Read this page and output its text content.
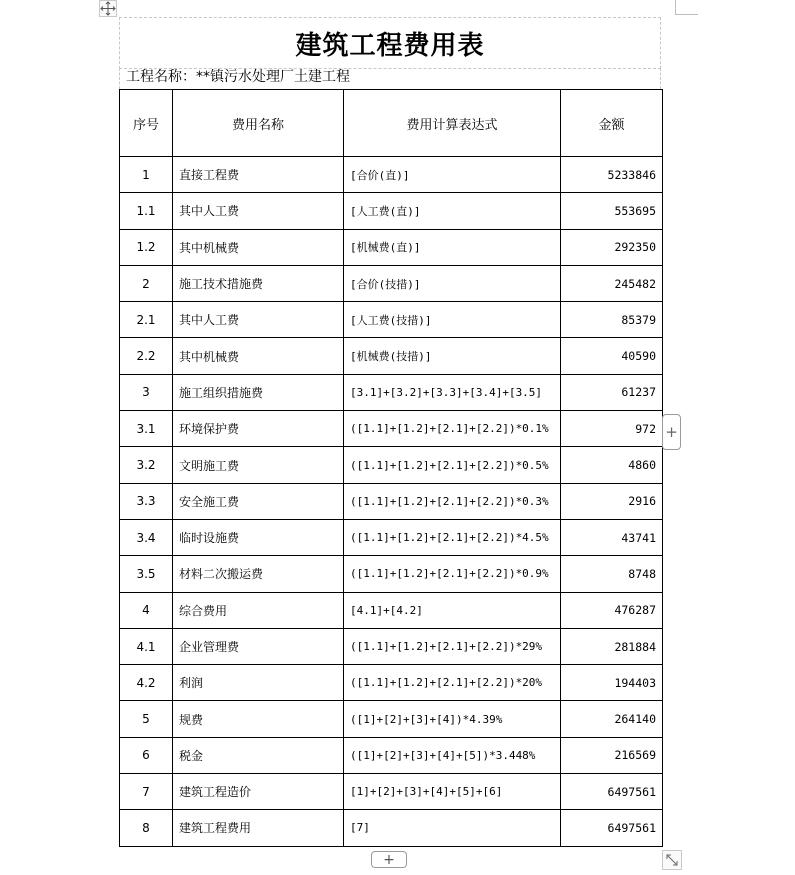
建筑工程费用表
工程名称：**镇污水处理厂土建工程
序号	费用名称	费用计算表达式	金额
1	直接工程费	[合价(直)]	5233846
1.1	其中人工费	[人工费(直)]	553695
1.2	其中机械费	[机械费(直)]	292350
2	施工技术措施费	[合价(技措)]	245482
2.1	其中人工费	[人工费(技措)]	85379
2.2	其中机械费	[机械费(技措)]	40590
3	施工组织措施费	[3.1]+[3.2]+[3.3]+[3.4]+[3.5]	61237
3.1	环境保护费	([1.1]+[1.2]+[2.1]+[2.2])*0.1%	972
3.2	文明施工费	([1.1]+[1.2]+[2.1]+[2.2])*0.5%	4860
3.3	安全施工费	([1.1]+[1.2]+[2.1]+[2.2])*0.3%	2916
3.4	临时设施费	([1.1]+[1.2]+[2.1]+[2.2])*4.5%	43741
3.5	材料二次搬运费	([1.1]+[1.2]+[2.1]+[2.2])*0.9%	8748
4	综合费用	[4.1]+[4.2]	476287
4.1	企业管理费	([1.1]+[1.2]+[2.1]+[2.2])*29%	281884
4.2	利润	([1.1]+[1.2]+[2.1]+[2.2])*20%	194403
5	规费	([1]+[2]+[3]+[4])*4.39%	264140
6	税金	([1]+[2]+[3]+[4]+[5])*3.448%	216569
7	建筑工程造价	[1]+[2]+[3]+[4]+[5]+[6]	6497561
8	建筑工程费用	[7]	6497561
+
+
